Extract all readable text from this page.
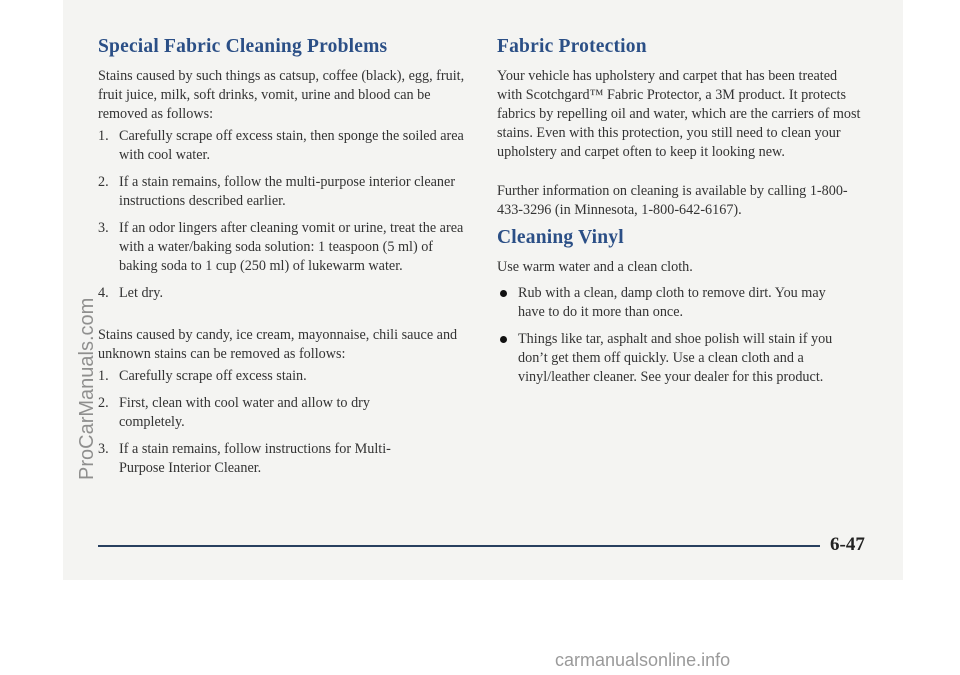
Special Fabric Cleaning Problems

Stains caused by such things as catsup, coffee (black), egg, fruit, fruit juice, milk, soft drinks, vomit, urine and blood can be removed as follows:

1. Carefully scrape off excess stain, then sponge the soiled area with cool water.
2. If a stain remains, follow the multi-purpose interior cleaner instructions described earlier.
3. If an odor lingers after cleaning vomit or urine, treat the area with a water/baking soda solution: 1 teaspoon (5 ml) of baking soda to 1 cup (250 ml) of lukewarm water.
4. Let dry.

Stains caused by candy, ice cream, mayonnaise, chili sauce and unknown stains can be removed as follows:

1. Carefully scrape off excess stain.
2. First, clean with cool water and allow to dry completely.
3. If a stain remains, follow instructions for Multi-Purpose Interior Cleaner.
Fabric Protection

Your vehicle has upholstery and carpet that has been treated with Scotchgard™ Fabric Protector, a 3M product. It protects fabrics by repelling oil and water, which are the carriers of most stains. Even with this protection, you still need to clean your upholstery and carpet often to keep it looking new.

Further information on cleaning is available by calling 1-800-433-3296 (in Minnesota, 1-800-642-6167).

Cleaning Vinyl

Use warm water and a clean cloth.

Rub with a clean, damp cloth to remove dirt. You may have to do it more than once.
Things like tar, asphalt and shoe polish will stain if you don’t get them off quickly. Use a clean cloth and a vinyl/leather cleaner. See your dealer for this product.
6-47
ProCarManuals.com
carmanualsonline.info
